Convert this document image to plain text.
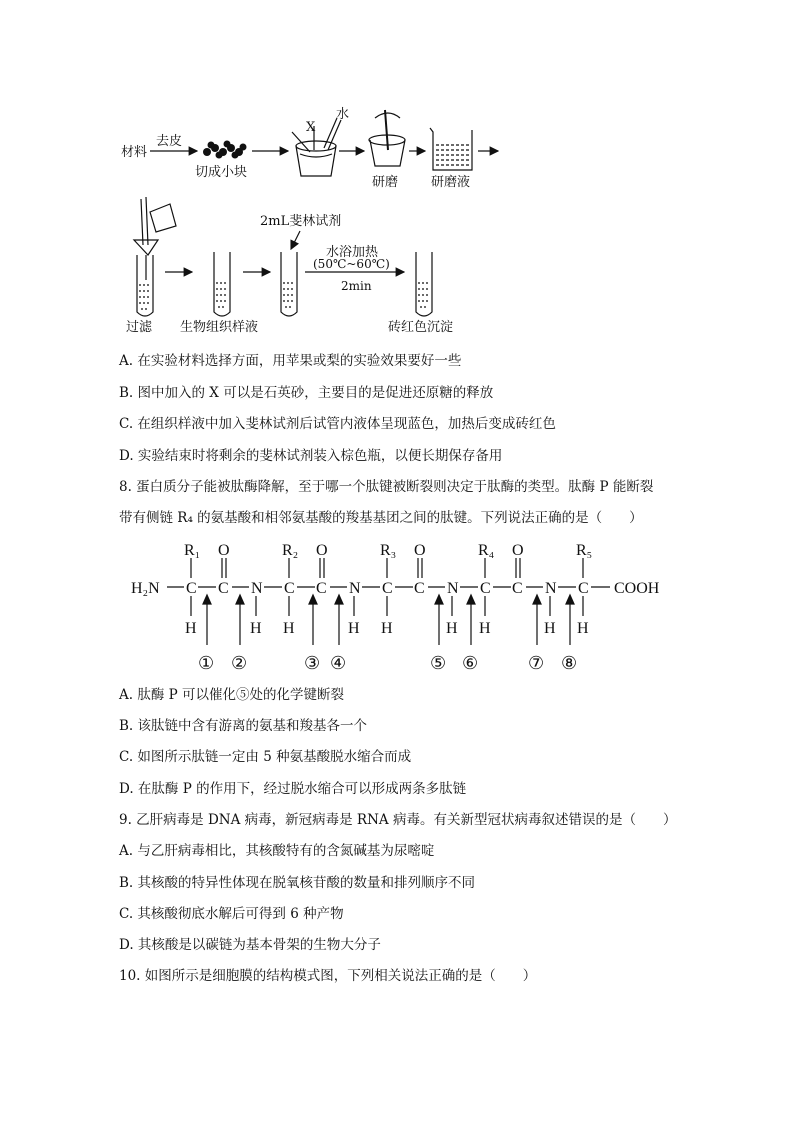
材料
去皮
切成小块
X
水
研磨	研磨液
过滤 生物组织样液
2mL斐林试剂
水浴加热
(50℃~60℃)
2min
砖红色沉淀
A. 在实验材料选择方面，用苹果或梨的实验效果要好一些
B. 图中加入的 X 可以是石英砂，主要目的是促进还原糖的释放
C. 在组织样液中加入斐林试剂后试管内液体呈现蓝色，加热后变成砖红色
D. 实验结束时将剩余的斐林试剂装入棕色瓶，以便长期保存备用
8. 蛋白质分子能被肽酶降解，至于哪一个肽键被断裂则决定于肽酶的类型。肽酶 P 能断裂
带有侧链 R₄ 的氨基酸和相邻氨基酸的羧基基团之间的肽键。下列说法正确的是（　　）
H₂N	COOH
R₁	R₂	R₃	R₄	R₅
O	O	O	O
C C N C C N C C N C C N C
H	H H	H H	H H	H H
① ②	③ ④	⑤ ⑥	⑦ ⑧
A. 肽酶 P 可以催化⑤处的化学键断裂
B. 该肽链中含有游离的氨基和羧基各一个
C. 如图所示肽链一定由 5 种氨基酸脱水缩合而成
D. 在肽酶 P 的作用下，经过脱水缩合可以形成两条多肽链
9. 乙肝病毒是 DNA 病毒，新冠病毒是 RNA 病毒。有关新型冠状病毒叙述错误的是（　　）
A. 与乙肝病毒相比，其核酸特有的含氮碱基为尿嘧啶
B. 其核酸的特异性体现在脱氧核苷酸的数量和排列顺序不同
C. 其核酸彻底水解后可得到 6 种产物
D. 其核酸是以碳链为基本骨架的生物大分子
10. 如图所示是细胞膜的结构模式图，下列相关说法正确的是（　　）
